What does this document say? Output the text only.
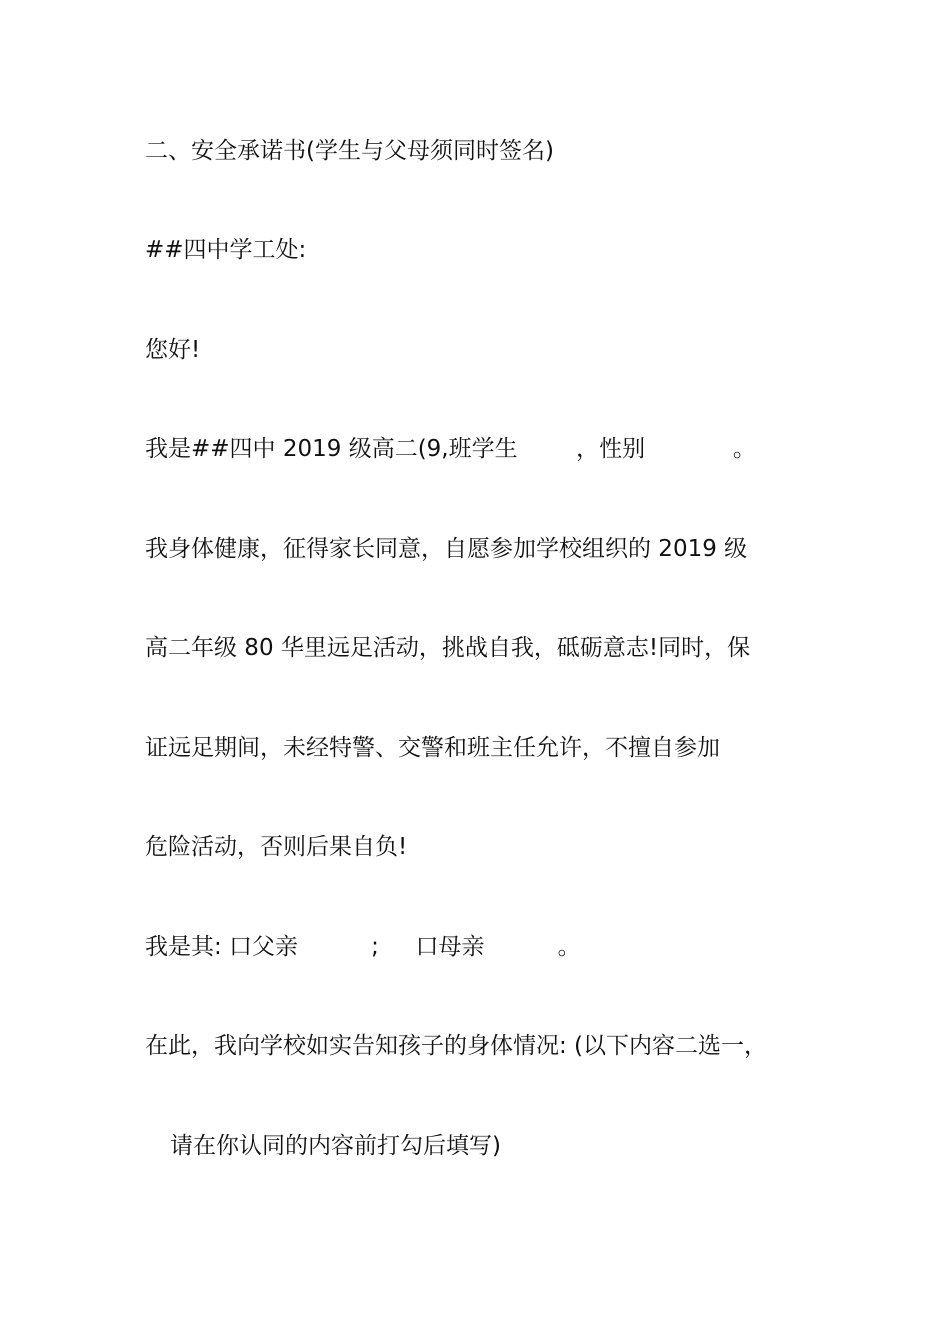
二、安全承诺书(学生与父母须同时签名)
##四中学工处:
您好!
我是##四中 2019 级高二(9,班学生        ，性别            。
我身体健康，征得家长同意，自愿参加学校组织的 2019 级
高二年级 80 华里远足活动，挑战自我，砥砺意志!同时，保
证远足期间，未经特警、交警和班主任允许，不擅自参加
危险活动，否则后果自负!
我是其: 口父亲          ;     口母亲          。
在此，我向学校如实告知孩子的身体情况: (以下内容二选一，
请在你认同的内容前打勾后填写)
